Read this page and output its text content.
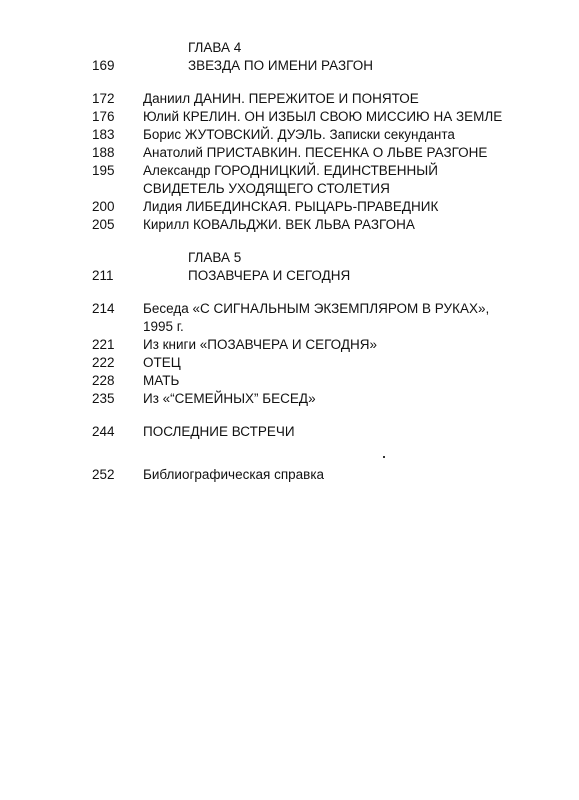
ГЛАВА 4
169	ЗВЕЗДА ПО ИМЕНИ РАЗГОН
172 Даниил ДАНИН. ПЕРЕЖИТОЕ И ПОНЯТОЕ
176 Юлий КРЕЛИН. ОН ИЗБЫЛ СВОЮ МИССИЮ НА ЗЕМЛЕ
183 Борис ЖУТОВСКИЙ. ДУЭЛЬ. Записки секунданта
188 Анатолий ПРИСТАВКИН. ПЕСЕНКА О ЛЬВЕ РАЗГОНЕ
195 Александр ГОРОДНИЦКИЙ. ЕДИНСТВЕННЫЙ
СВИДЕТЕЛЬ УХОДЯЩЕГО СТОЛЕТИЯ
200 Лидия ЛИБЕДИНСКАЯ. РЫЦАРЬ-ПРАВЕДНИК
205 Кирилл КОВАЛЬДЖИ. ВЕК ЛЬВА РАЗГОНА
ГЛАВА 5
211	ПОЗАВЧЕРА И СЕГОДНЯ
214 Беседа «С СИГНАЛЬНЫМ ЭКЗЕМПЛЯРОМ В РУКАХ»,
1995 г.
221 Из книги «ПОЗАВЧЕРА И СЕГОДНЯ»
222 ОТЕЦ
228 МАТЬ
235 Из «“СЕМЕЙНЫХ” БЕСЕД»
244 ПОСЛЕДНИЕ ВСТРЕЧИ
252 Библиографическая справка
